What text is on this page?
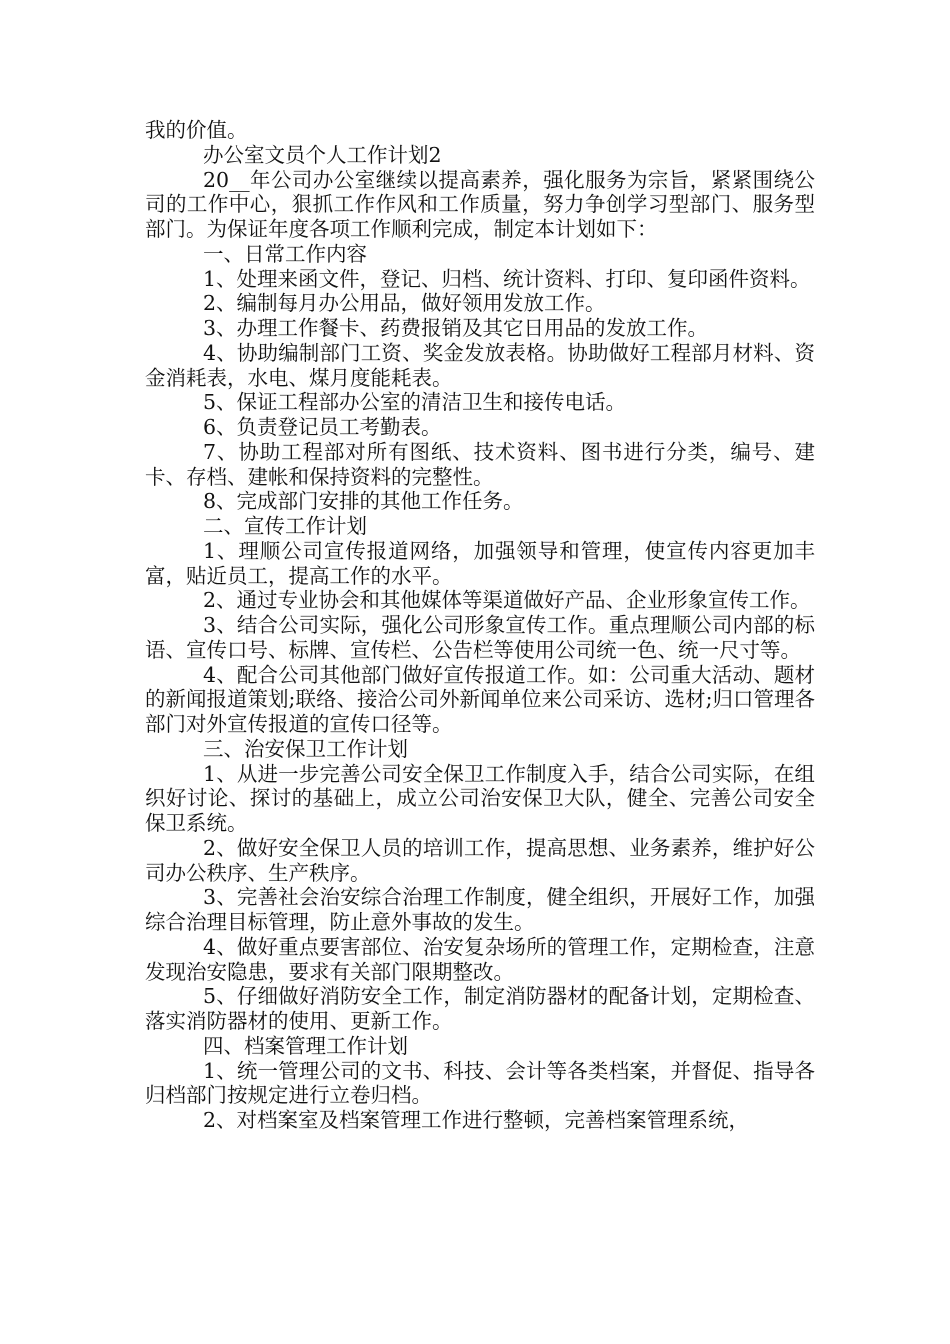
我的价值。

办公室文员个人工作计划2

20__年公司办公室继续以提高素养，强化服务为宗旨，紧紧围绕公司的工作中心，狠抓工作作风和工作质量，努力争创学习型部门、服务型部门。为保证年度各项工作顺利完成，制定本计划如下：

一、日常工作内容

1、处理来函文件，登记、归档、统计资料、打印、复印函件资料。

2、编制每月办公用品，做好领用发放工作。

3、办理工作餐卡、药费报销及其它日用品的发放工作。

4、协助编制部门工资、奖金发放表格。协助做好工程部月材料、资金消耗表，水电、煤月度能耗表。

5、保证工程部办公室的清洁卫生和接传电话。

6、负责登记员工考勤表。

7、协助工程部对所有图纸、技术资料、图书进行分类，编号、建卡、存档、建帐和保持资料的完整性。

8、完成部门安排的其他工作任务。

二、宣传工作计划

1、理顺公司宣传报道网络，加强领导和管理，使宣传内容更加丰富，贴近员工，提高工作的水平。

2、通过专业协会和其他媒体等渠道做好产品、企业形象宣传工作。

3、结合公司实际，强化公司形象宣传工作。重点理顺公司内部的标语、宣传口号、标牌、宣传栏、公告栏等使用公司统一色、统一尺寸等。

4、配合公司其他部门做好宣传报道工作。如：公司重大活动、题材的新闻报道策划;联络、接洽公司外新闻单位来公司采访、选材;归口管理各部门对外宣传报道的宣传口径等。

三、治安保卫工作计划

1、从进一步完善公司安全保卫工作制度入手，结合公司实际，在组织好讨论、探讨的基础上，成立公司治安保卫大队，健全、完善公司安全保卫系统。

2、做好安全保卫人员的培训工作，提高思想、业务素养，维护好公司办公秩序、生产秩序。

3、完善社会治安综合治理工作制度，健全组织，开展好工作，加强综合治理目标管理，防止意外事故的发生。

4、做好重点要害部位、治安复杂场所的管理工作，定期检查，注意发现治安隐患，要求有关部门限期整改。

5、仔细做好消防安全工作，制定消防器材的配备计划，定期检查、落实消防器材的使用、更新工作。

四、档案管理工作计划

1、统一管理公司的文书、科技、会计等各类档案，并督促、指导各归档部门按规定进行立卷归档。

2、对档案室及档案管理工作进行整顿，完善档案管理系统，
